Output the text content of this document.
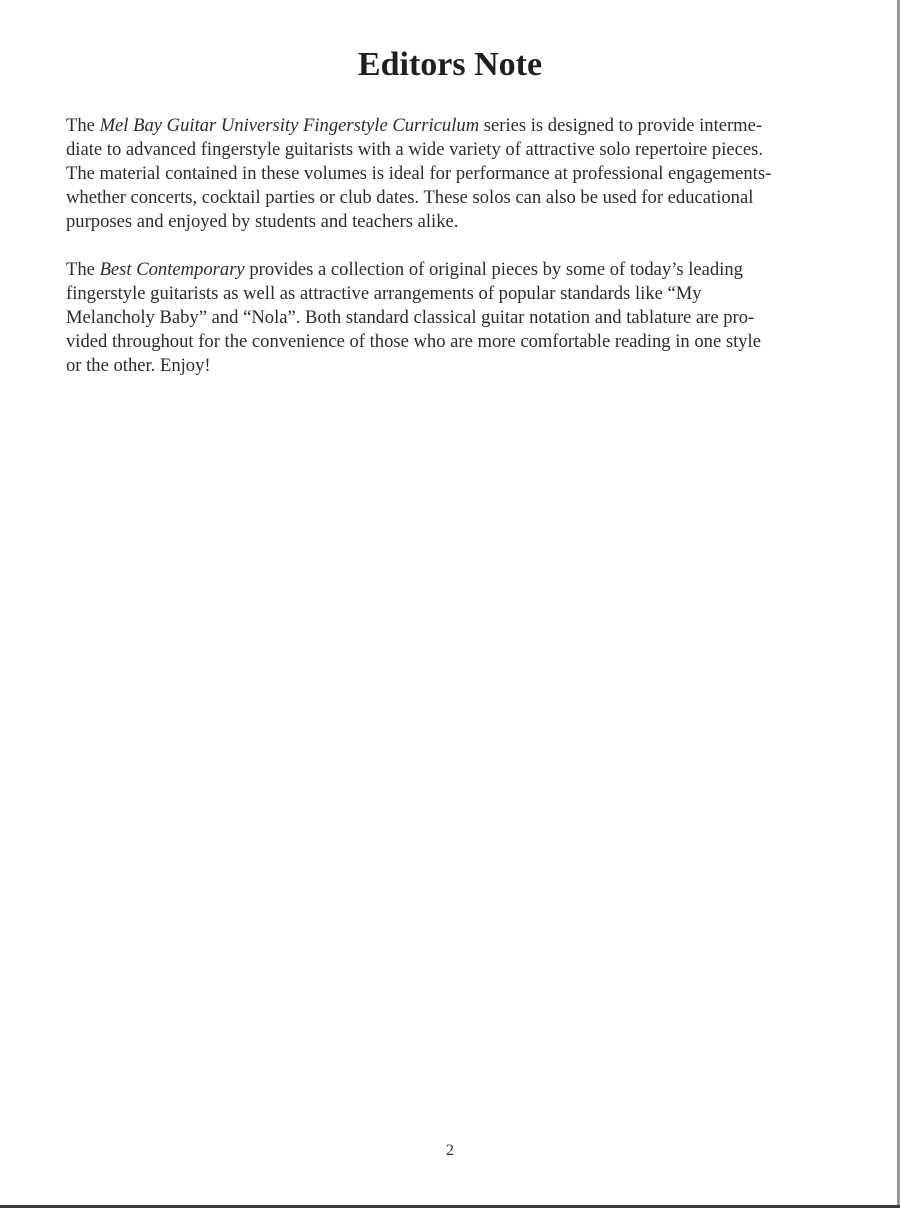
Editors Note

The Mel Bay Guitar University Fingerstyle Curriculum series is designed to provide interme-
diate to advanced fingerstyle guitarists with a wide variety of attractive solo repertoire pieces.
The material contained in these volumes is ideal for performance at professional engagements-
whether concerts, cocktail parties or club dates. These solos can also be used for educational
purposes and enjoyed by students and teachers alike.

The Best Contemporary provides a collection of original pieces by some of today’s leading
fingerstyle guitarists as well as attractive arrangements of popular standards like “My
Melancholy Baby” and “Nola”. Both standard classical guitar notation and tablature are pro-
vided throughout for the convenience of those who are more comfortable reading in one style
or the other. Enjoy!

2
